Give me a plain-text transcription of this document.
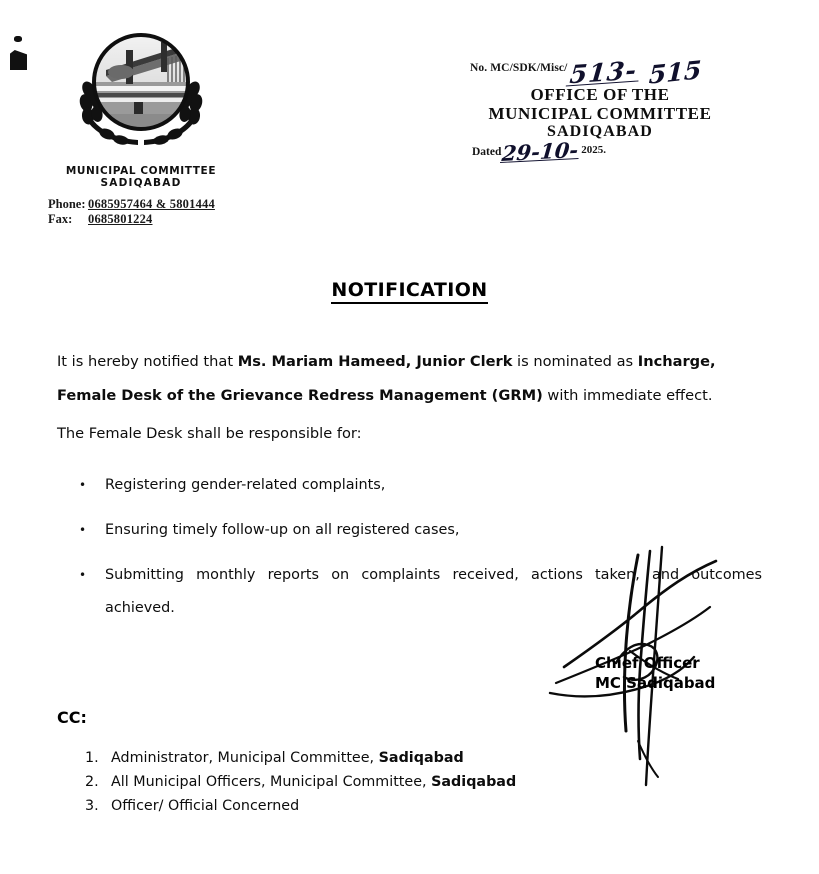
MUNICIPAL COMMITTEE
SADIQABAD
Phone: 0685957464 & 5801444
Fax: 0685801224
$^{No. MC/SDK/Misc/}$513- 515
OFFICE OF THE
MUNICIPAL COMMITTEE
SADIQABAD
$^{Dated}$29-10- $^{2025.}$
NOTIFICATION
It is hereby notified that Ms. Mariam Hameed, Junior Clerk is nominated as Incharge, Female Desk of the Grievance Redress Management (GRM) with immediate effect.
The Female Desk shall be responsible for:
• Registering gender-related complaints,
• Ensuring timely follow-up on all registered cases,
• Submitting monthly reports on complaints received, actions taken, and outcomes achieved.
Chief Officer
MC Sadiqabad
CC:
1. Administrator, Municipal Committee, Sadiqabad
2. All Municipal Officers, Municipal Committee, Sadiqabad
3. Officer/ Official Concerned
